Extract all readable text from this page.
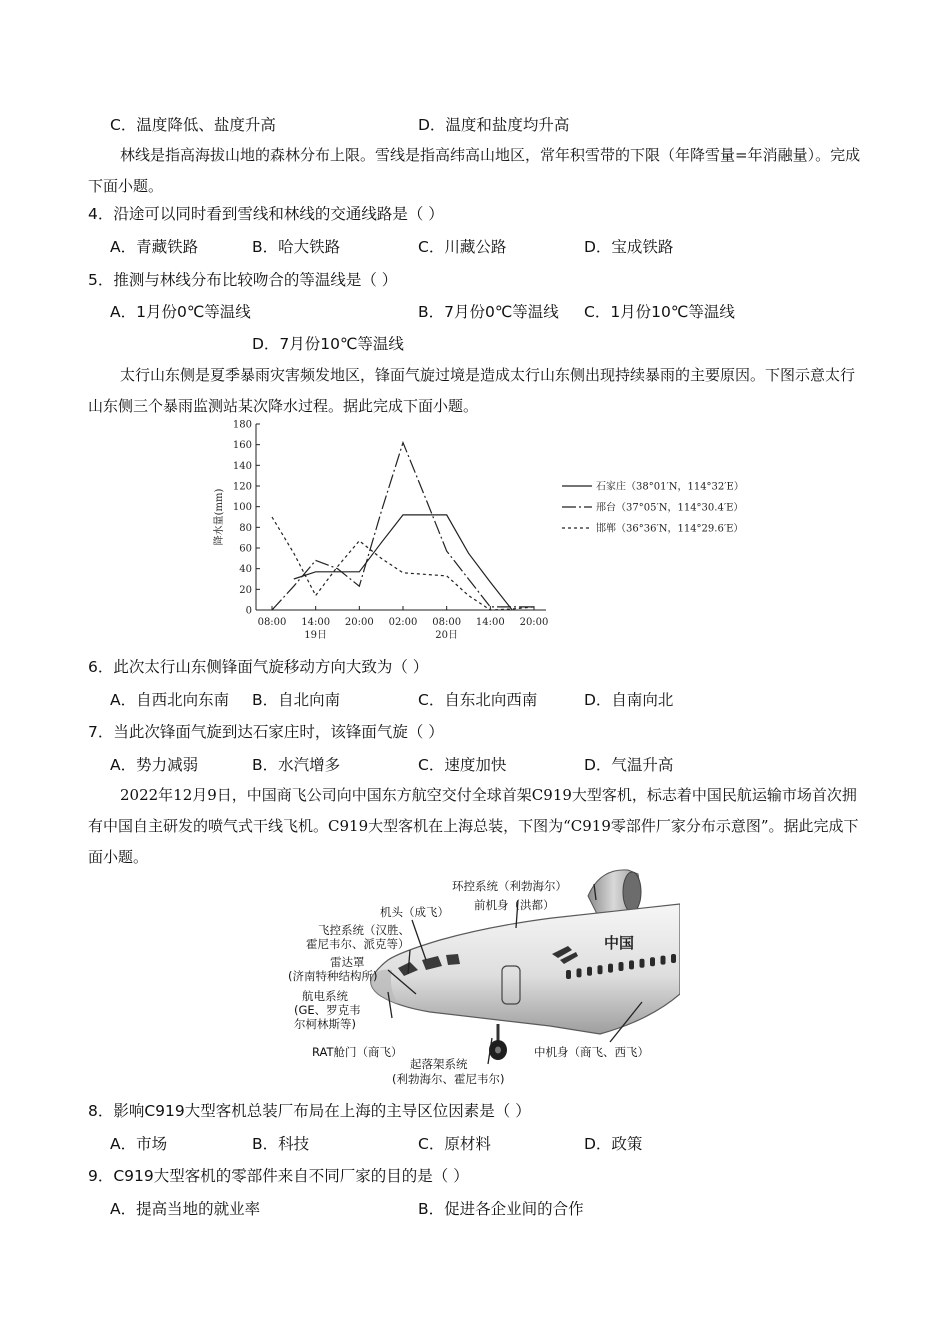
C．温度降低、盐度升高	D．温度和盐度均升高
林线是指高海拔山地的森林分布上限。雪线是指高纬高山地区，常年积雪带的下限（年降雪量=年消融量）。完成下面小题。
4．沿途可以同时看到雪线和林线的交通线路是（ ）
A．青藏铁路	B．哈大铁路	C．川藏公路	D．宝成铁路
5．推测与林线分布比较吻合的等温线是（ ）
A．1月份0℃等温线	B．7月份0℃等温线 C．1月份10℃等温线
D．7月份10℃等温线
太行山东侧是夏季暴雨灾害频发地区，锋面气旋过境是造成太行山东侧出现持续暴雨的主要原因。下图示意太行山东侧三个暴雨监测站某次降水过程。据此完成下面小题。
0
20
40
60
80
100
120
140
160
180
08:00 14:00 20:00 02:00 08:00 14:00 20:00
19日	20日
降水量(mm)
石家庄（38°01′N，114°32′E）
邢台（37°05′N，114°30.4′E）
邯郸（36°36′N，114°29.6′E）
6．此次太行山东侧锋面气旋移动方向大致为（ ）
A．自西北向东南 B．自北向南	C．自东北向西南	D．自南向北
7．当此次锋面气旋到达石家庄时，该锋面气旋（ ）
A．势力减弱	B．水汽增多	C．速度加快	D．气温升高
2022年12月9日，中国商飞公司向中国东方航空交付全球首架C919大型客机，标志着中国民航运输市场首次拥有中国自主研发的喷气式干线飞机。C919大型客机在上海总装，下图为“C919零部件厂家分布示意图”。据此完成下面小题。
中国
环控系统（利勃海尔）
前机身（洪都）
机头（成飞）
飞控系统（汉胜、
霍尼韦尔、派克等）
雷达罩
(济南特种结构所)
航电系统
(GE、罗克韦
尔柯林斯等)
RAT舱门（商飞）
起落架系统
(利勃海尔、霍尼韦尔)
中机身（商飞、西飞）
8．影响C919大型客机总装厂布局在上海的主导区位因素是（ ）
A．市场	B．科技	C．原材料	D．政策
9．C919大型客机的零部件来自不同厂家的目的是（ ）
A．提高当地的就业率	B．促进各企业间的合作
